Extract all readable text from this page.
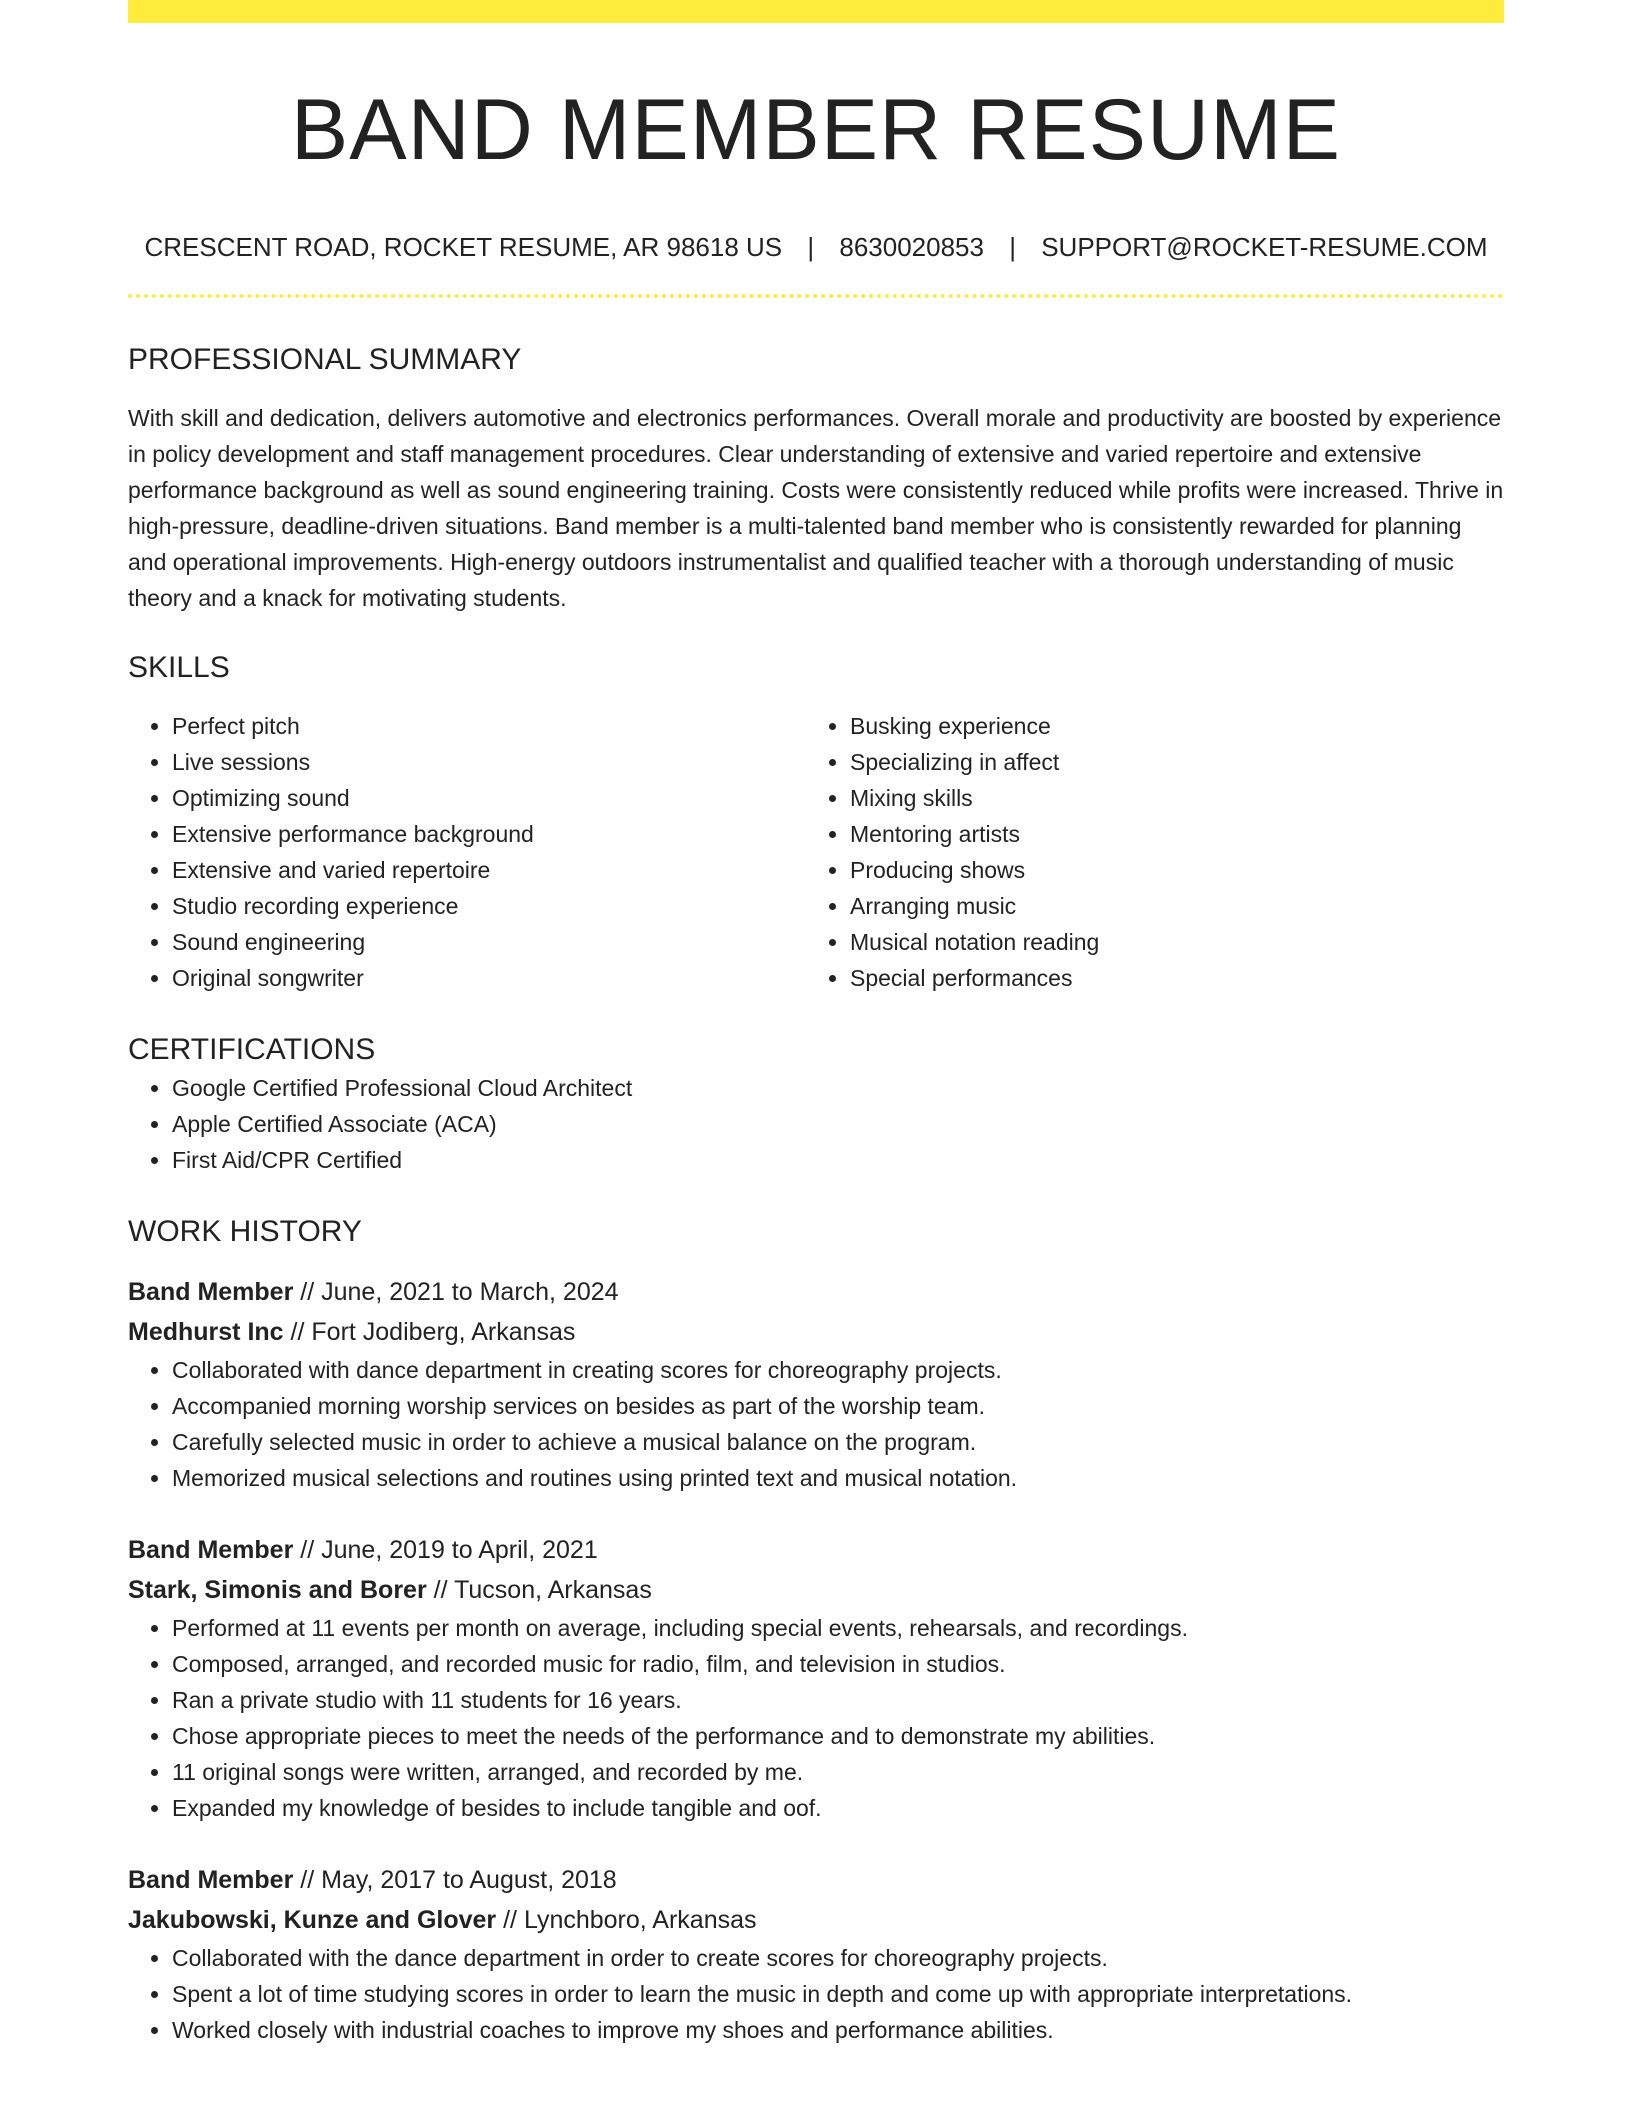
BAND MEMBER RESUME
CRESCENT ROAD, ROCKET RESUME, AR 98618 US | 8630020853 | SUPPORT@ROCKET-RESUME.COM
PROFESSIONAL SUMMARY
With skill and dedication, delivers automotive and electronics performances. Overall morale and productivity are boosted by experience in policy development and staff management procedures. Clear understanding of extensive and varied repertoire and extensive performance background as well as sound engineering training. Costs were consistently reduced while profits were increased. Thrive in high-pressure, deadline-driven situations. Band member is a multi-talented band member who is consistently rewarded for planning and operational improvements. High-energy outdoors instrumentalist and qualified teacher with a thorough understanding of music theory and a knack for motivating students.
SKILLS
• Perfect pitch
• Live sessions
• Optimizing sound
• Extensive performance background
• Extensive and varied repertoire
• Studio recording experience
• Sound engineering
• Original songwriter
• Busking experience
• Specializing in affect
• Mixing skills
• Mentoring artists
• Producing shows
• Arranging music
• Musical notation reading
• Special performances
CERTIFICATIONS
• Google Certified Professional Cloud Architect
• Apple Certified Associate (ACA)
• First Aid/CPR Certified
WORK HISTORY
Band Member // June, 2021 to March, 2024
Medhurst Inc // Fort Jodiberg, Arkansas
• Collaborated with dance department in creating scores for choreography projects.
• Accompanied morning worship services on besides as part of the worship team.
• Carefully selected music in order to achieve a musical balance on the program.
• Memorized musical selections and routines using printed text and musical notation.
Band Member // June, 2019 to April, 2021
Stark, Simonis and Borer // Tucson, Arkansas
• Performed at 11 events per month on average, including special events, rehearsals, and recordings.
• Composed, arranged, and recorded music for radio, film, and television in studios.
• Ran a private studio with 11 students for 16 years.
• Chose appropriate pieces to meet the needs of the performance and to demonstrate my abilities.
• 11 original songs were written, arranged, and recorded by me.
• Expanded my knowledge of besides to include tangible and oof.
Band Member // May, 2017 to August, 2018
Jakubowski, Kunze and Glover // Lynchboro, Arkansas
• Collaborated with the dance department in order to create scores for choreography projects.
• Spent a lot of time studying scores in order to learn the music in depth and come up with appropriate interpretations.
• Worked closely with industrial coaches to improve my shoes and performance abilities.
